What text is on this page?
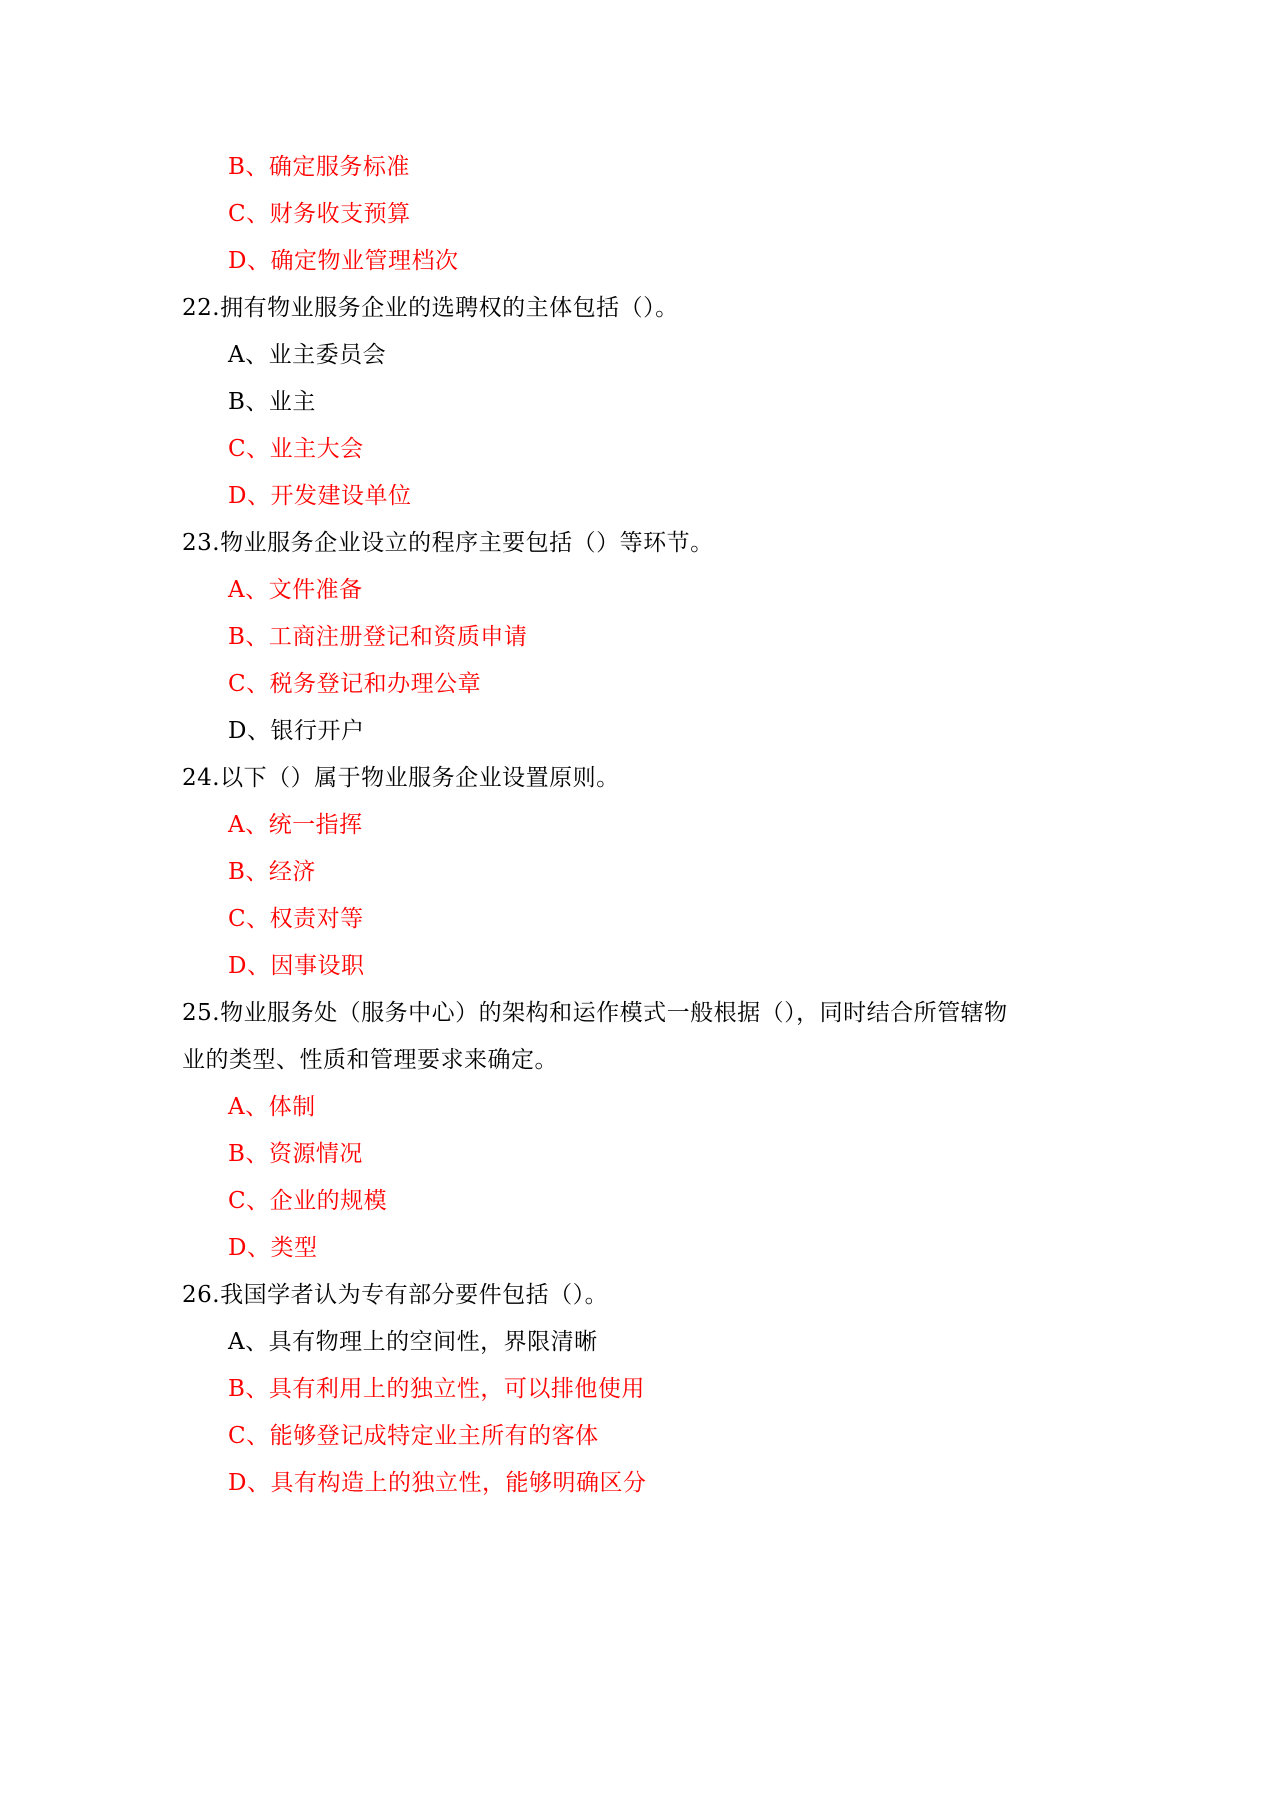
B、确定服务标准
C、财务收支预算
D、确定物业管理档次
22.拥有物业服务企业的选聘权的主体包括（）。
A、业主委员会
B、业主
C、业主大会
D、开发建设单位
23.物业服务企业设立的程序主要包括（）等环节。
A、文件准备
B、工商注册登记和资质申请
C、税务登记和办理公章
D、银行开户
24.以下（）属于物业服务企业设置原则。
A、统一指挥
B、经济
C、权责对等
D、因事设职
25.物业服务处（服务中心）的架构和运作模式一般根据（），同时结合所管辖物
业的类型、性质和管理要求来确定。
A、体制
B、资源情况
C、企业的规模
D、类型
26.我国学者认为专有部分要件包括（）。
A、具有物理上的空间性，界限清晰
B、具有利用上的独立性，可以排他使用
C、能够登记成特定业主所有的客体
D、具有构造上的独立性，能够明确区分
